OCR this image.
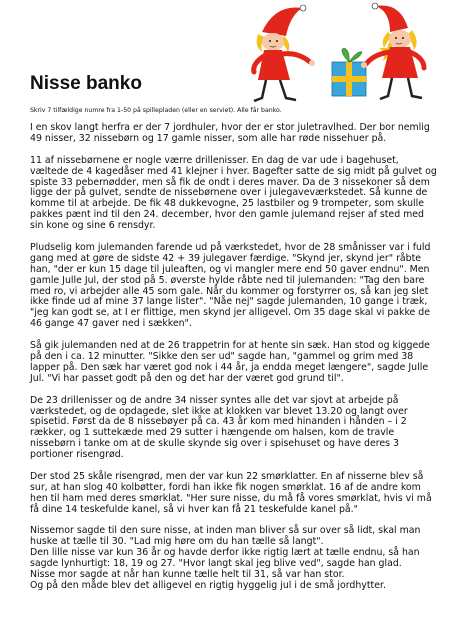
Nisse banko

Skriv 7 tilfældige numre fra 1-50 på spillepladen (eller en serviet). Alle får banko.

I en skov langt herfra er der 7 jordhuler, hvor der er stor juletravlhed. Der bor nemlig
49 nisser, 32 nissebørn og 17 gamle nisser, som alle har røde nissehuer på.

11 af nissebørnene er nogle værre drillenisser. En dag de var ude i bagehuset,
væltede de 4 kagedåser med 41 klejner i hver. Bagefter satte de sig midt på gulvet og
spiste 33 pebernødder, men så fik de ondt i deres maver. Da de 3 nissekoner så dem
ligge der på gulvet, sendte de nissebørnene over i julegaveværkstedet. Så kunne de
komme til at arbejde. De fik 48 dukkevogne, 25 lastbiler og 9 trompeter, som skulle
pakkes pænt ind til den 24. december, hvor den gamle julemand rejser af sted med
sin kone og sine 6 rensdyr.

Pludselig kom julemanden farende ud på værkstedet, hvor de 28 smånisser var i fuld
gang med at gøre de sidste 42 + 39 julegaver færdige. "Skynd jer, skynd jer" råbte
han, "der er kun 15 dage til juleaften, og vi mangler mere end 50 gaver endnu". Men
gamle Julle Jul, der stod på 5. øverste hylde råbte ned til julemanden: "Tag den bare
med ro, vi arbejder alle 45 som gale. Når du kommer og forstyrrer os, så kan jeg slet
ikke finde ud af mine 37 lange lister". "Nåe nej" sagde julemanden, 10 gange i træk,
"jeg kan godt se, at I er flittige, men skynd jer alligevel. Om 35 dage skal vi pakke de
46 gange 47 gaver ned i sækken".

Så gik julemanden ned at de 26 trappetrin for at hente sin sæk. Han stod og kiggede
på den i ca. 12 minutter. "Sikke den ser ud" sagde han, "gammel og grim med 38
lapper på. Den sæk har været god nok i 44 år, ja endda meget længere", sagde Julle
Jul. "Vi har passet godt på den og det har der været god grund til".

De 23 drillenisser og de andre 34 nisser syntes alle det var sjovt at arbejde på
værkstedet, og de opdagede, slet ikke at klokken var blevet 13.20 og langt over
spisetid. Først da de 8 nissebøyer på ca. 43 år kom med hinanden i hånden – i 2
rækker, og 1 suttekæde med 29 sutter i hængende om halsen, kom de travle
nissebørn i tanke om at de skulle skynde sig over i spisehuset og have deres 3
portioner risengrød.

Der stod 25 skåle risengrød, men der var kun 22 smørklatter. En af nisserne blev så
sur, at han slog 40 kolbøtter, fordi han ikke fik nogen smørklat. 16 af de andre kom
hen til ham med deres smørklat. "Her sure nisse, du må få vores smørklat, hvis vi må
få dine 14 teskefulde kanel, så vi hver kan få 21 teskefulde kanel på."

Nissemor sagde til den sure nisse, at inden man bliver så sur over så lidt, skal man
huske at tælle til 30. "Lad mig høre om du han tælle så langt".
Den lille nisse var kun 36 år og havde derfor ikke rigtig lært at tælle endnu, så han
sagde lynhurtigt: 18, 19 og 27. "Hvor langt skal jeg blive ved", sagde han glad.
Nisse mor sagde at når han kunne tælle helt til 31, så var han stor.
Og på den måde blev det alligevel en rigtig hyggelig jul i de små jordhytter.
